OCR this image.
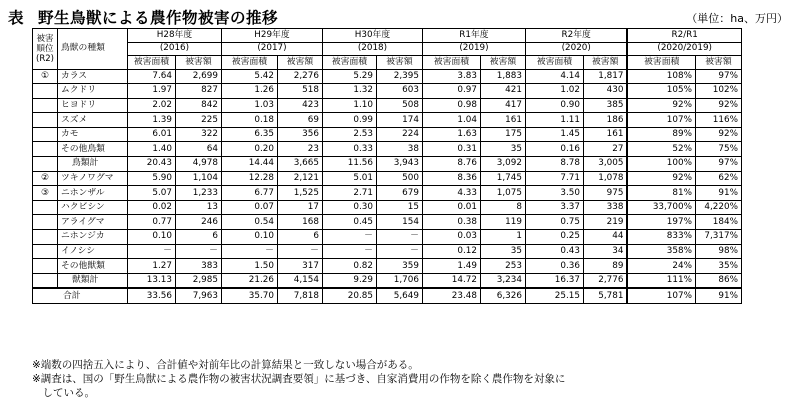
表 野生鳥獣による農作物被害の推移	（単位：ha、万円）
被害
順位
(R2)	鳥獣の種類	H28年度		H29年度		H30年度		R1年度		R2年度		R2/R1	
		(2016)		(2017)		(2018)		(2019)		(2020)		(2020/2019)	
		被害面積	被害額	被害面積	被害額	被害面積	被害額	被害面積	被害額	被害面積	被害額	被害面積	被害額
①	カラス	7.64	2,699	5.42	2,276	5.29	2,395	3.83	1,883	4.14	1,817	108%	97%
	ムクドリ	1.97	827	1.26	518	1.32	603	0.97	421	1.02	430	105%	102%
	ヒヨドリ	2.02	842	1.03	423	1.10	508	0.98	417	0.90	385	92%	92%
	スズメ	1.39	225	0.18	69	0.99	174	1.04	161	1.11	186	107%	116%
	カモ	6.01	322	6.35	356	2.53	224	1.63	175	1.45	161	89%	92%
	その他鳥類	1.40	64	0.20	23	0.33	38	0.31	35	0.16	27	52%	75%
	鳥類計	20.43	4,978	14.44	3,665	11.56	3,943	8.76	3,092	8.78	3,005	100%	97%
②	ツキノワグマ	5.90	1,104	12.28	2,121	5.01	500	8.36	1,745	7.71	1,078	92%	62%
③	ニホンザル	5.07	1,233	6.77	1,525	2.71	679	4.33	1,075	3.50	975	81%	91%
	ハクビシン	0.02	13	0.07	17	0.30	15	0.01	8	3.37	338	33,700%	4,220%
	アライグマ	0.77	246	0.54	168	0.45	154	0.38	119	0.75	219	197%	184%
	ニホンジカ	0.10	6	0.10	6	－	－	0.03	1	0.25	44	833%	7,317%
	イノシシ	－	－	－	－	－	－	0.12	35	0.43	34	358%	98%
	その他獣類	1.27	383	1.50	317	0.82	359	1.49	253	0.36	89	24%	35%
	獣類計	13.13	2,985	21.26	4,154	9.29	1,706	14.72	3,234	16.37	2,776	111%	86%
合計		33.56	7,963	35.70	7,818	20.85	5,649	23.48	6,326	25.15	5,781	107%	91%
※端数の四捨五入により、合計値や対前年比の計算結果と一致しない場合がある。
※調査は、国の「野生鳥獣による農作物の被害状況調査要領」に基づき、自家消費用の作物を除く農作物を対象に
　している。
